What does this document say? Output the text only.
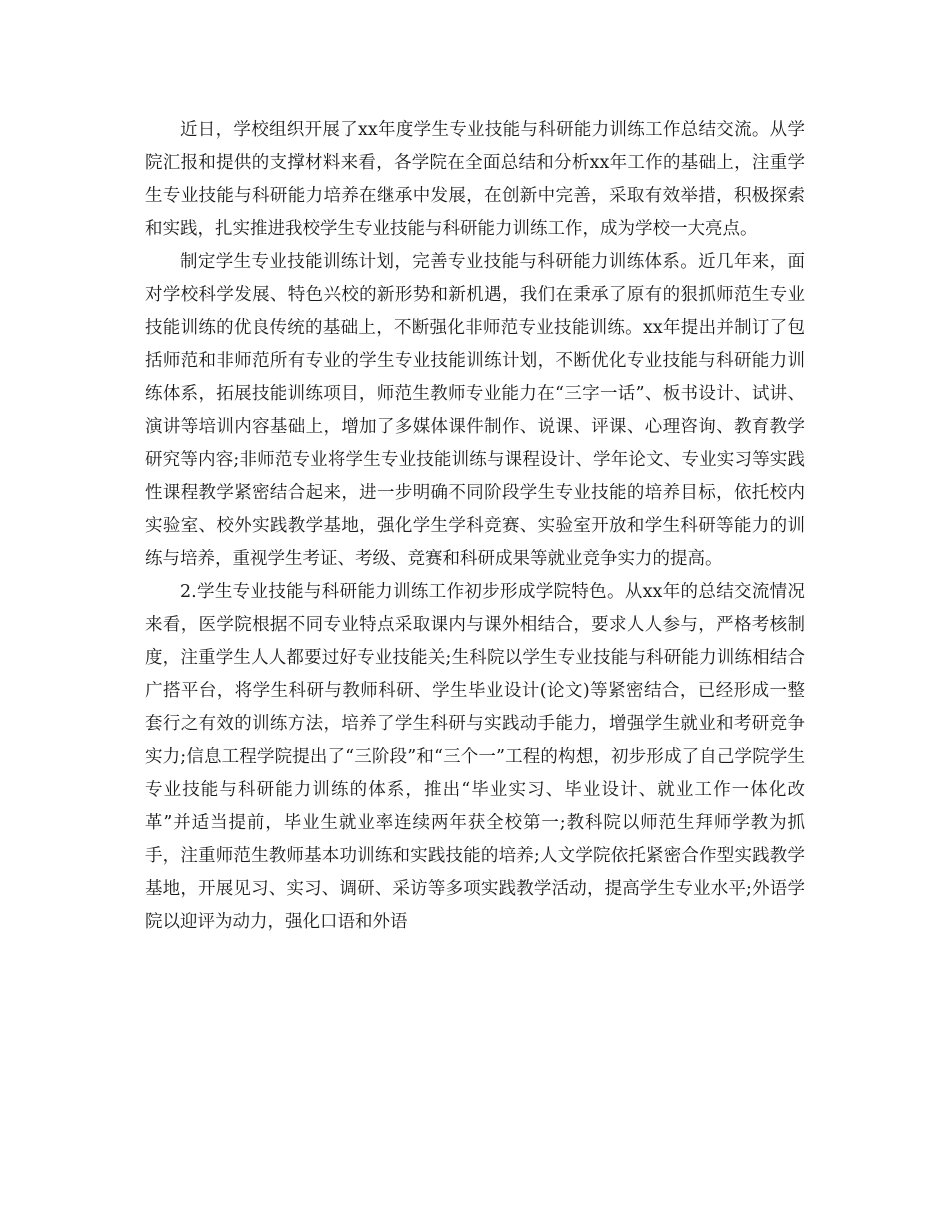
近日，学校组织开展了xx年度学生专业技能与科研能力训练工作总结交流。从学院汇报和提供的支撑材料来看，各学院在全面总结和分析xx年工作的基础上，注重学生专业技能与科研能力培养在继承中发展，在创新中完善，采取有效举措，积极探索和实践，扎实推进我校学生专业技能与科研能力训练工作，成为学校一大亮点。

制定学生专业技能训练计划，完善专业技能与科研能力训练体系。近几年来，面对学校科学发展、特色兴校的新形势和新机遇，我们在秉承了原有的狠抓师范生专业技能训练的优良传统的基础上，不断强化非师范专业技能训练。xx年提出并制订了包括师范和非师范所有专业的学生专业技能训练计划，不断优化专业技能与科研能力训练体系，拓展技能训练项目，师范生教师专业能力在“三字一话”、板书设计、试讲、演讲等培训内容基础上，增加了多媒体课件制作、说课、评课、心理咨询、教育教学研究等内容;非师范专业将学生专业技能训练与课程设计、学年论文、专业实习等实践性课程教学紧密结合起来，进一步明确不同阶段学生专业技能的培养目标，依托校内实验室、校外实践教学基地，强化学生学科竞赛、实验室开放和学生科研等能力的训练与培养，重视学生考证、考级、竞赛和科研成果等就业竞争实力的提高。

2.学生专业技能与科研能力训练工作初步形成学院特色。从xx年的总结交流情况来看，医学院根据不同专业特点采取课内与课外相结合，要求人人参与，严格考核制度，注重学生人人都要过好专业技能关;生科院以学生专业技能与科研能力训练相结合广搭平台，将学生科研与教师科研、学生毕业设计(论文)等紧密结合，已经形成一整套行之有效的训练方法，培养了学生科研与实践动手能力，增强学生就业和考研竞争实力;信息工程学院提出了“三阶段”和“三个一”工程的构想，初步形成了自己学院学生专业技能与科研能力训练的体系，推出“毕业实习、毕业设计、就业工作一体化改革”并适当提前，毕业生就业率连续两年获全校第一;教科院以师范生拜师学教为抓手，注重师范生教师基本功训练和实践技能的培养;人文学院依托紧密合作型实践教学基地，开展见习、实习、调研、采访等多项实践教学活动，提高学生专业水平;外语学院以迎评为动力，强化口语和外语
